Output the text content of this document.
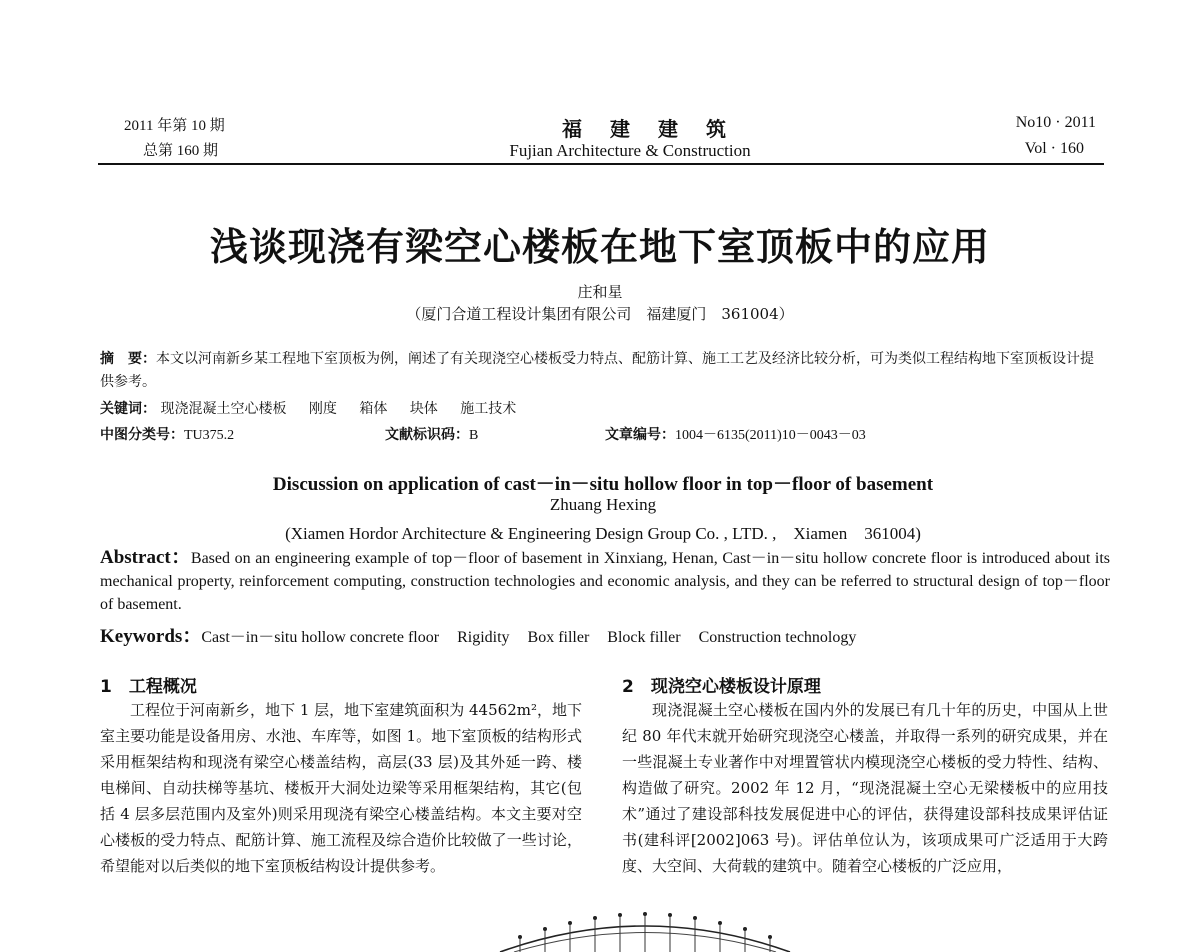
2011 年第 10 期
总第 160 期
福建建筑
Fujian Architecture & Construction
No10 · 2011
Vol · 160
浅谈现浇有梁空心楼板在地下室顶板中的应用
庄和星
（厦门合道工程设计集团有限公司　福建厦门　361004）
摘　要：本文以河南新乡某工程地下室顶板为例，阐述了有关现浇空心楼板受力特点、配筋计算、施工工艺及经济比较分析，可为类似工程结构地下室顶板设计提供参考。
关键词： 现浇混凝土空心楼板 刚度 箱体 块体 施工技术
中图分类号：TU375.2	文献标识码：B	文章编号：1004－6135(2011)10－0043－03
Discussion on application of cast－in－situ hollow floor in top－floor of basement
Zhuang Hexing
(Xiamen Hordor Architecture & Engineering Design Group Co. , LTD. ,　Xiamen　361004)
Abstract：Based on an engineering example of top－floor of basement in Xinxiang, Henan, Cast－in－situ hollow concrete floor is introduced about its mechanical property, reinforcement computing, construction technologies and economic analysis, and they can be referred to structural design of top－floor of basement.
Keywords：Cast－in－situ hollow concrete floor Rigidity Box filler Block filler Construction technology
1　工程概况
工程位于河南新乡，地下 1 层，地下室建筑面积为 44562m²，地下室主要功能是设备用房、水池、车库等，如图 1。地下室顶板的结构形式采用框架结构和现浇有梁空心楼盖结构，高层(33 层)及其外延一跨、楼电梯间、自动扶梯等基坑、楼板开大洞处边梁等采用框架结构，其它(包括 4 层多层范围内及室外)则采用现浇有梁空心楼盖结构。本文主要对空心楼板的受力特点、配筋计算、施工流程及综合造价比较做了一些讨论，希望能对以后类似的地下室顶板结构设计提供参考。
2　现浇空心楼板设计原理
现浇混凝土空心楼板在国内外的发展已有几十年的历史，中国从上世纪 80 年代末就开始研究现浇空心楼盖，并取得一系列的研究成果，并在一些混凝土专业著作中对埋置管状内模现浇空心楼板的受力特性、结构、构造做了研究。2002 年 12 月，“现浇混凝土空心无梁楼板中的应用技术”通过了建设部科技发展促进中心的评估，获得建设部科技成果评估证书(建科评[2002]063 号)。评估单位认为，该项成果可广泛适用于大跨度、大空间、大荷载的建筑中。随着空心楼板的广泛应用，
